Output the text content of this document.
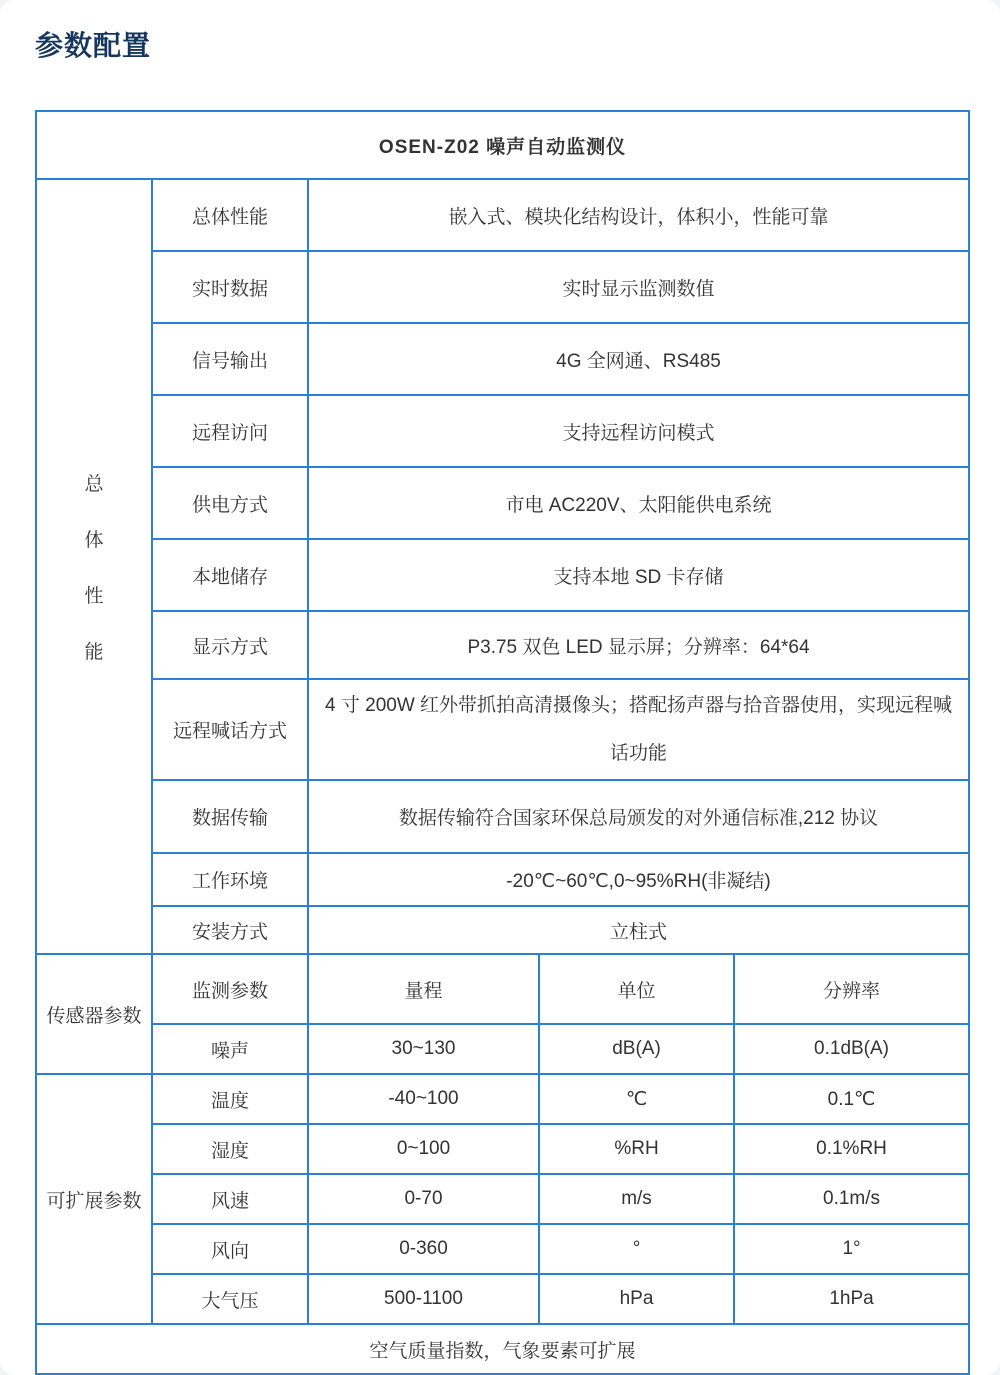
参数配置
OSEN-Z02 噪声自动监测仪				

总
体
性
能	总体性能	嵌入式、模块化结构设计，体积小，性能可靠		
	实时数据	实时显示监测数值		
	信号输出	4G 全网通、RS485		
	远程访问	支持远程访问模式		
	供电方式	市电 AC220V、太阳能供电系统		
	本地储存	支持本地 SD 卡存储		
	显示方式	P3.75 双色 LED 显示屏；分辨率：64*64		
	远程喊话方式	4 寸 200W 红外带抓拍高清摄像头；搭配扬声器与拾音器使用，实现远程喊话功能		
	数据传输	数据传输符合国家环保总局颁发的对外通信标准,212 协议		
	工作环境	-20℃~60℃,0~95%RH(非凝结)		
	安装方式	立柱式		
传感器参数	监测参数	量程	单位	分辨率
	噪声	30~130	dB(A)	0.1dB(A)
可扩展参数	温度	-40~100	℃	0.1℃
	湿度	0~100	%RH	0.1%RH
	风速	0-70	m/s	0.1m/s
	风向	0-360	°	1°
	大气压	500-1100	hPa	1hPa
空气质量指数，气象要素可扩展				
